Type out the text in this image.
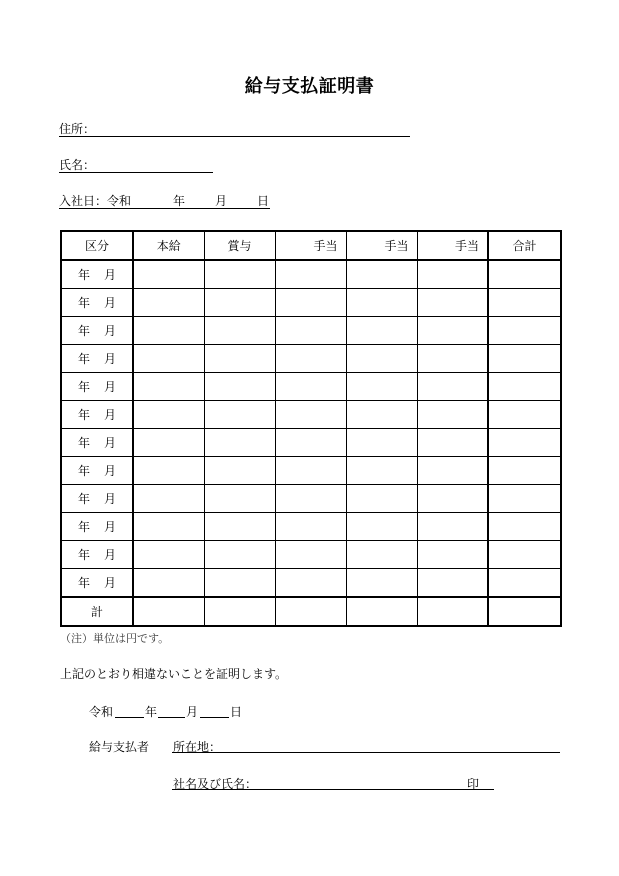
給与支払証明書
住所：
氏名：
入社日：令和	年 月 日
区分	本給	賞与	手当	手当	手当	合計
年 月						
年 月						
年 月						
年 月						
年 月						
年 月						
年 月						
年 月						
年 月						
年 月						
年 月						
年 月						
計						
（注）単位は円です。
上記のとおり相違ないことを証明します。
令和	年 月	日
給与支払者 所在地：
社名及び氏名：	印
